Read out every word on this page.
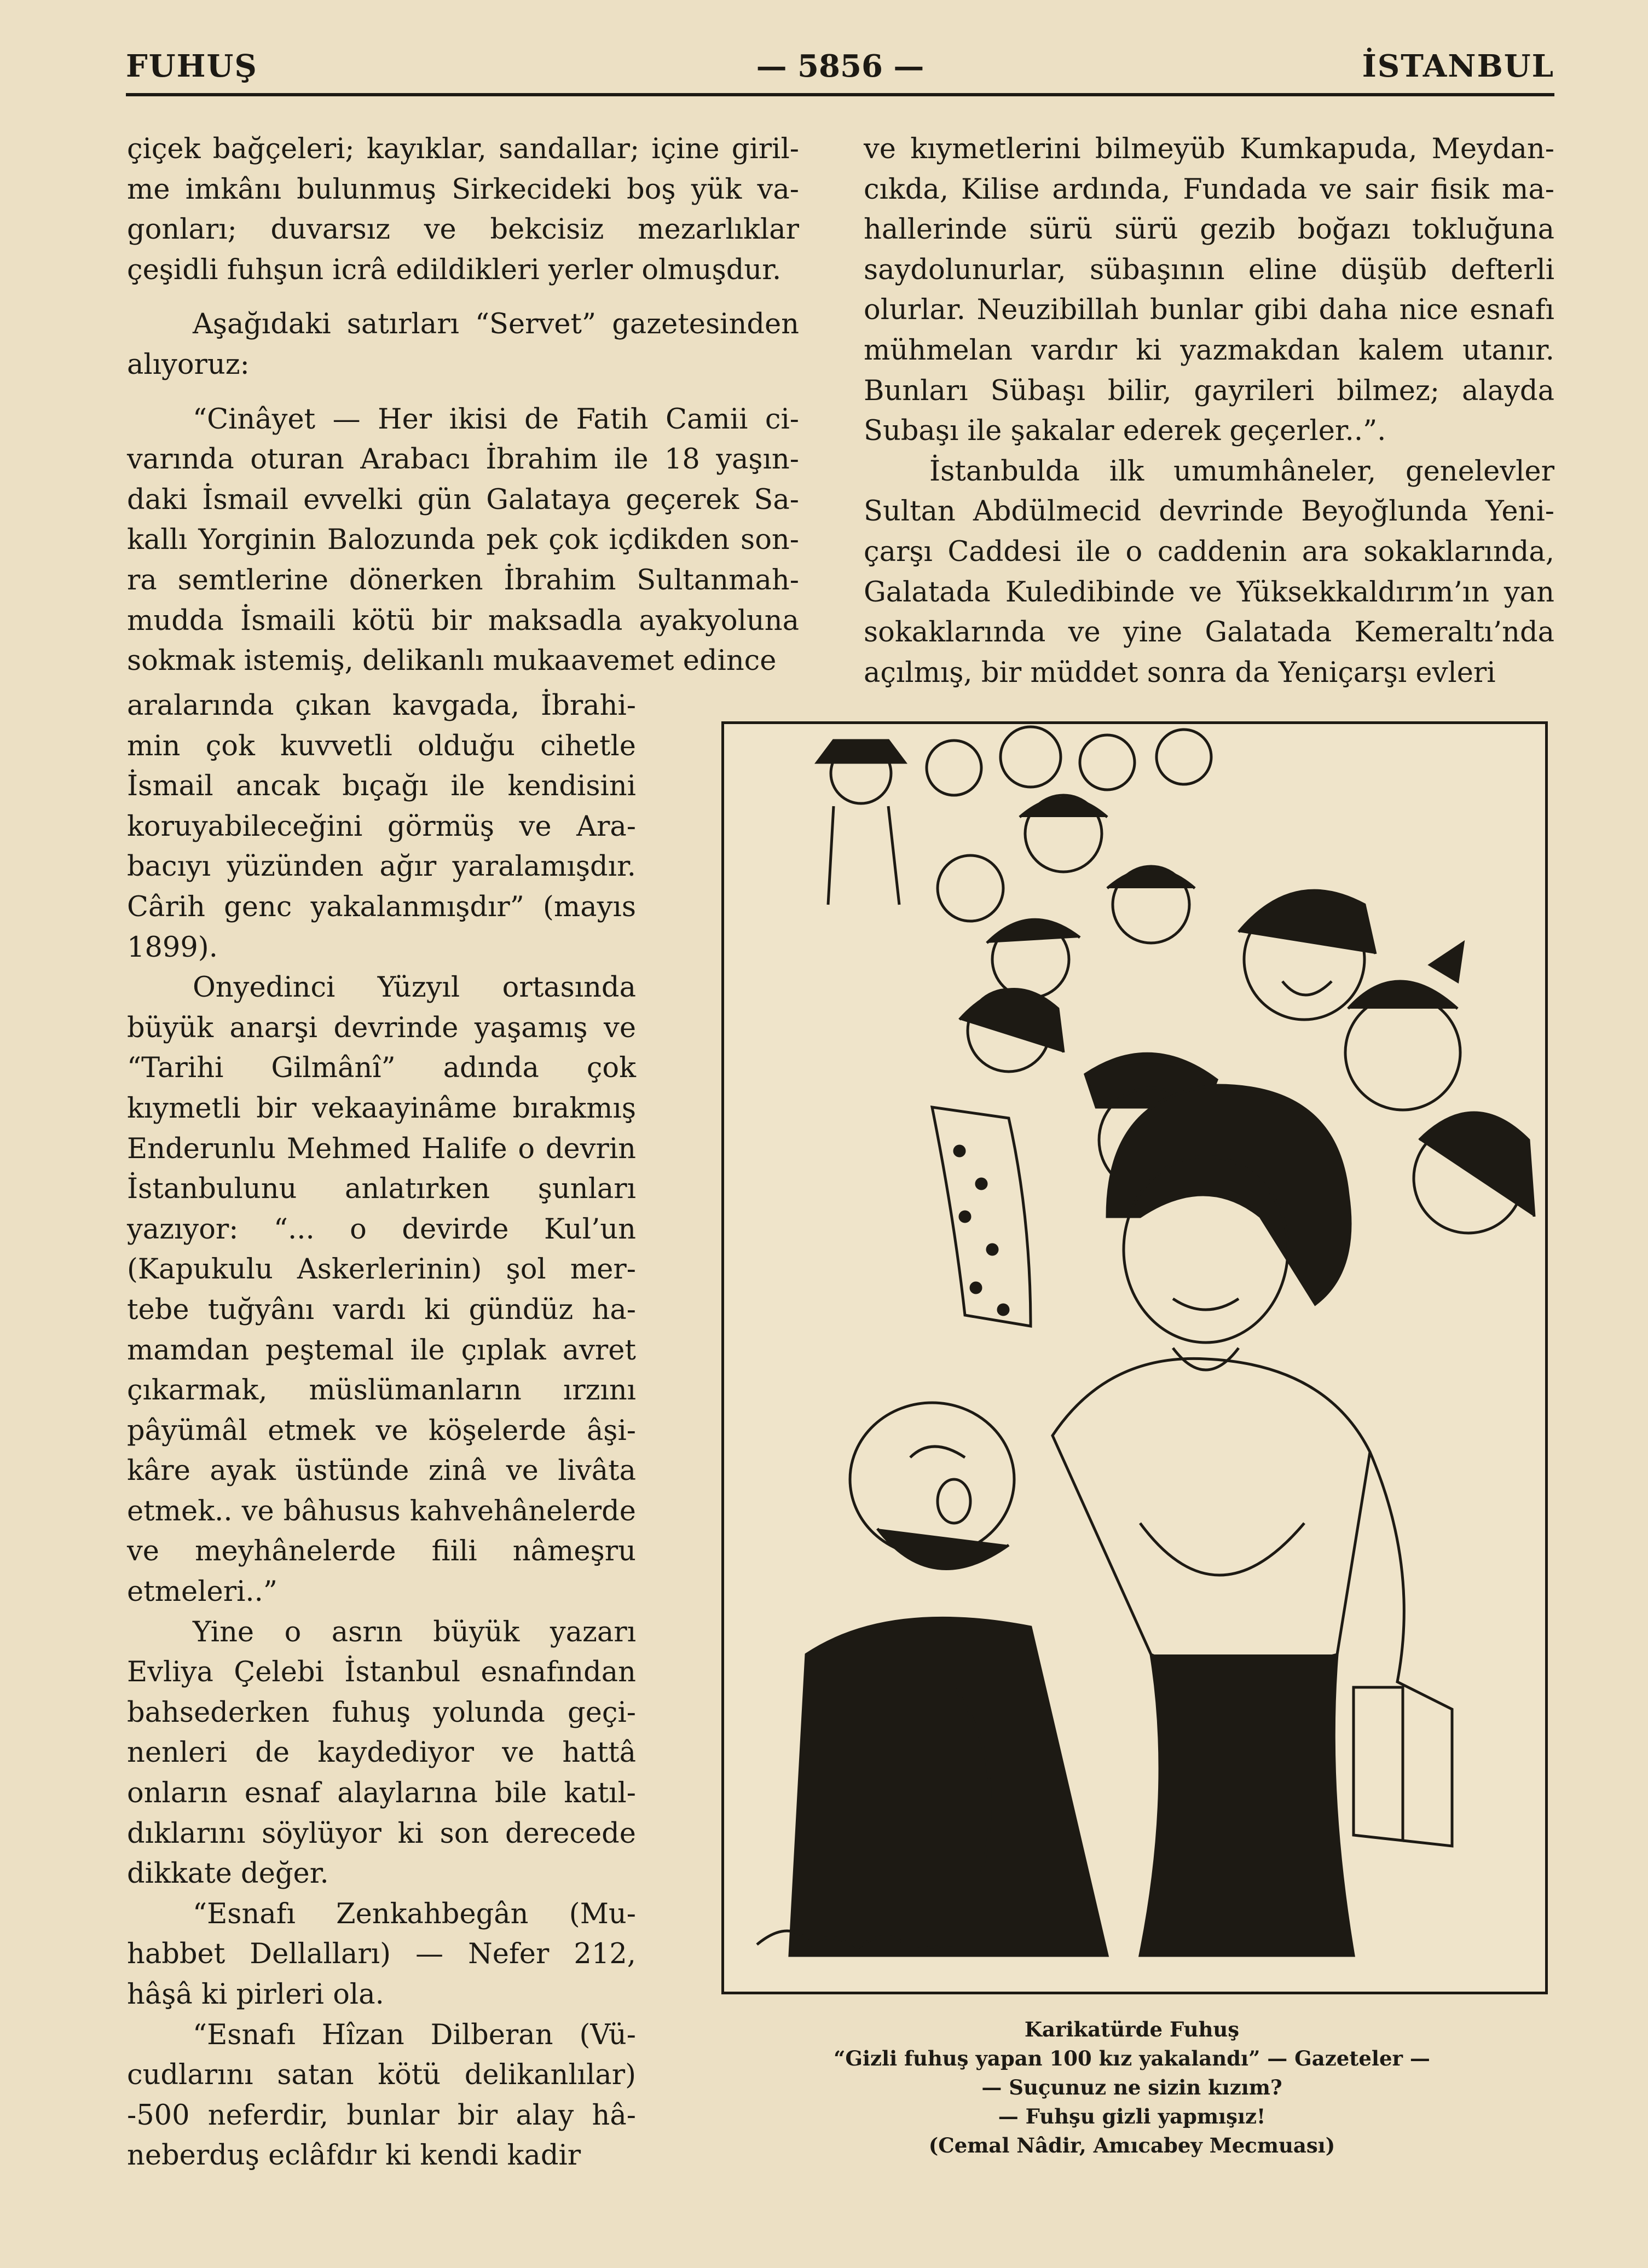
— 5856 —
FUHUŞ	İSTANBUL

çiçek bağçeleri; kayıklar, sandallar; içine girilme imkânı bulunmuş Sirkecideki boş yük vagonları; duvarsız ve bekcisiz mezarlıklar çeşidli fuhşun icrâ edildikleri yerler olmuşdur.

Aşağıdaki satırları “Servet” gazetesinden alıyoruz:

“Cinâyet — Her ikisi de Fatih Camii civarında oturan Arabacı İbrahim ile 18 yaşındaki İsmail evvelki gün Galataya geçerek Sakallı Yorginin Balozunda pek çok içdikden sonra semtlerine dönerken İbrahim Sultanmahmudda İsmaili kötü bir maksadla ayakyoluna sokmak istemiş, delikanlı mukaavemet edince

aralarında çıkan kavgada, İbrahimin çok kuvvetli olduğu cihetle İsmail ancak bıçağı ile kendisini koruyabileceğini görmüş ve Arabacıyı yüzünden ağır yaralamışdır. Cârih genc yakalanmışdır” (mayıs 1899).

Onyedinci Yüzyıl ortasında büyük anarşi devrinde yaşamış ve “Tarihi Gilmânî” adında çok kıymetli bir vekaayinâme bırakmış Enderunlu Mehmed Halife o devrin İstanbulunu anlatırken şunları yazıyor: “... o devirde Kul’un (Kapukulu Askerlerinin) şol mertebe tuğyânı vardı ki gündüz hamamdan peştemal ile çıplak avret çıkarmak, müslümanların ırzını pâyümâl etmek ve köşelerde âşikâre ayak üstünde zinâ ve livâta etmek.. ve bâhusus kahvehânelerde ve meyhânelerde fiili nâmeşru etmeleri..”

Yine o asrın büyük yazarı Evliya Çelebi İstanbul esnafından bahsederken fuhuş yolunda geçinenleri de kaydediyor ve hattâ onların esnaf alaylarına bile katıldıklarını söylüyor ki son derecede dikkate değer.

“Esnafı Zenkahbegân (Muhabbet Dellalları) — Nefer 212, hâşâ ki pirleri ola.

“Esnafı Hîzan Dilberan (Vücudlarını satan kötü delikanlılar) -500 neferdir, bunlar bir alay hâneberduş eclâfdır ki kendi kadir

ve kıymetlerini bilmeyüb Kumkapuda, Meydancıkda, Kilise ardında, Fundada ve sair fisik mahallerinde sürü sürü gezib boğazı tokluğuna saydolunurlar, sübaşının eline düşüb defterli olurlar. Neuzibillah bunlar gibi daha nice esnafı mühmelan vardır ki yazmakdan kalem utanır. Bunları Sübaşı bilir, gayrileri bilmez; alayda Subaşı ile şakalar ederek geçerler..”.

İstanbulda ilk umumhâneler, genelevler Sultan Abdülmecid devrinde Beyoğlunda Yeniçarşı Caddesi ile o caddenin ara sokaklarında, Galatada Kuledibinde ve Yüksekkaldırım’ın yan sokaklarında ve yine Galatada Kemeraltı’nda açılmış, bir müddet sonra da Yeniçarşı evleri

Karikatürde Fuhuş
“Gizli fuhuş yapan 100 kız yakalandı” — Gazeteler —
— Suçunuz ne sizin kızım?
— Fuhşu gizli yapmışız!
(Cemal Nâdir, Amıcabey Mecmuası)
